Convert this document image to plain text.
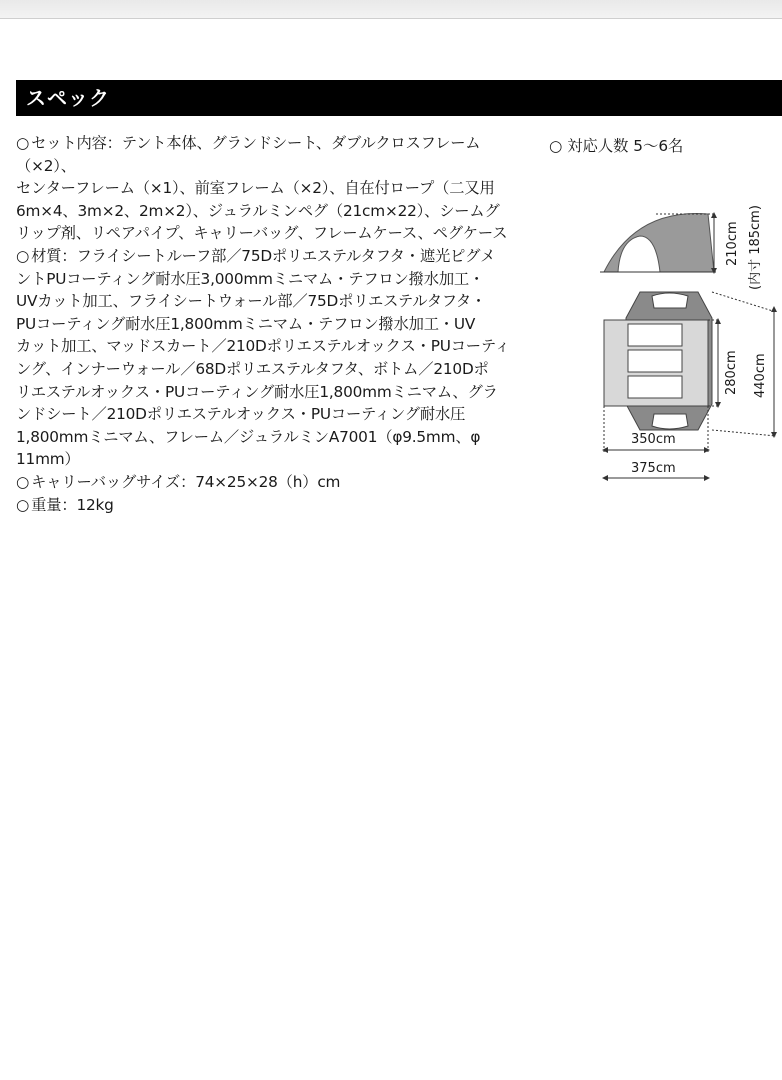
スペック
○ セット内容：テント本体、グランドシート、ダブルクロスフレーム（×2）、
センターフレーム（×1）、前室フレーム（×2）、自在付ロープ（二又用
6m×4、3m×2、2m×2）、ジュラルミンペグ（21cm×22）、シームグ
リップ剤、リペアパイプ、キャリーバッグ、フレームケース、ペグケース
○ 材質：フライシートルーフ部／75Dポリエステルタフタ・遮光ピグメ
ントPUコーティング耐水圧3,000mmミニマム・テフロン撥水加工・
UVカット加工、フライシートウォール部／75Dポリエステルタフタ・
PUコーティング耐水圧1,800mmミニマム・テフロン撥水加工・UV
カット加工、マッドスカート／210Dポリエステルオックス・PUコーティ
ング、インナーウォール／68Dポリエステルタフタ、ボトム／210Dポ
リエステルオックス・PUコーティング耐水圧1,800mmミニマム、グラ
ンドシート／210Dポリエステルオックス・PUコーティング耐水圧
1,800mmミニマム、フレーム／ジュラルミンA7001（φ9.5mm、φ
11mm）
○ キャリーバッグサイズ：74×25×28（h）cm
○ 重量：12kg
○ 対応人数 5〜6名
210cm (内寸 185cm)
280cm 440cm
350cm
375cm
